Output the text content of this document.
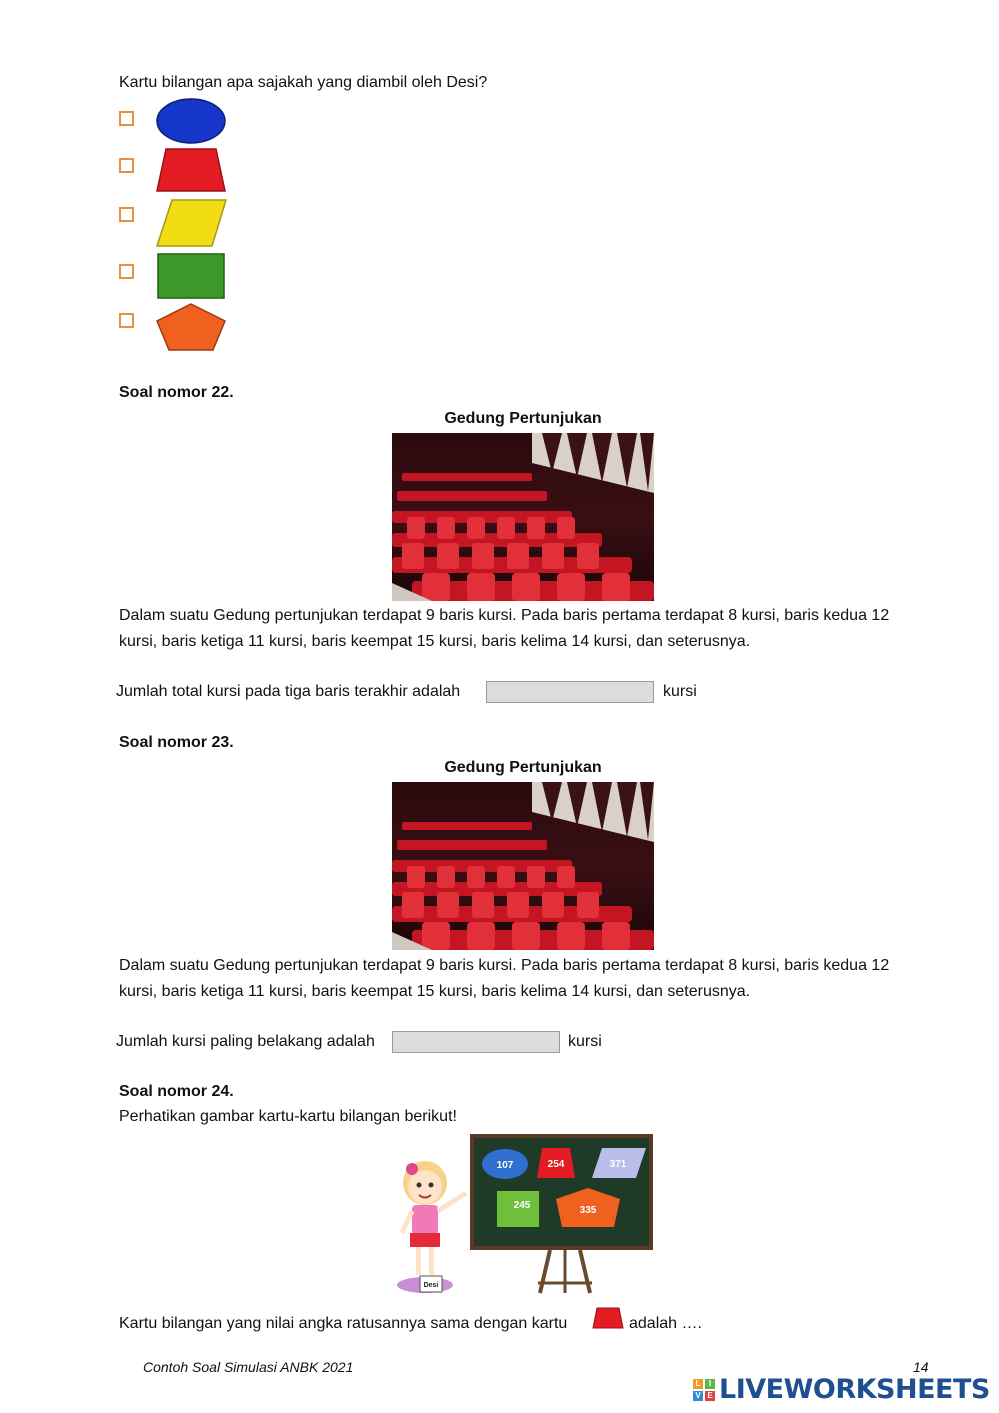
Kartu bilangan apa sajakah yang diambil oleh Desi?
Soal nomor 22.
Gedung Pertunjukan
Dalam suatu Gedung pertunjukan terdapat 9 baris kursi. Pada baris pertama terdapat 8 kursi, baris kedua 12
kursi, baris ketiga 11 kursi, baris keempat 15 kursi, baris kelima 14 kursi, dan seterusnya.
Jumlah total kursi pada tiga baris terakhir adalah	kursi
Soal nomor 23.
Gedung Pertunjukan
Dalam suatu Gedung pertunjukan terdapat 9 baris kursi. Pada baris pertama terdapat 8 kursi, baris kedua 12
kursi, baris ketiga 11 kursi, baris keempat 15 kursi, baris kelima 14 kursi, dan seterusnya.
Jumlah kursi paling belakang adalah	kursi
Soal nomor 24.
Perhatikan gambar kartu-kartu bilangan berikut!
107	254	371
245	335
Desi
Kartu bilangan yang nilai angka ratusannya sama dengan kartu	adalah ….
Contoh Soal Simulasi ANBK 2021	14
L	I
V E LIVEWORKSHEETS
